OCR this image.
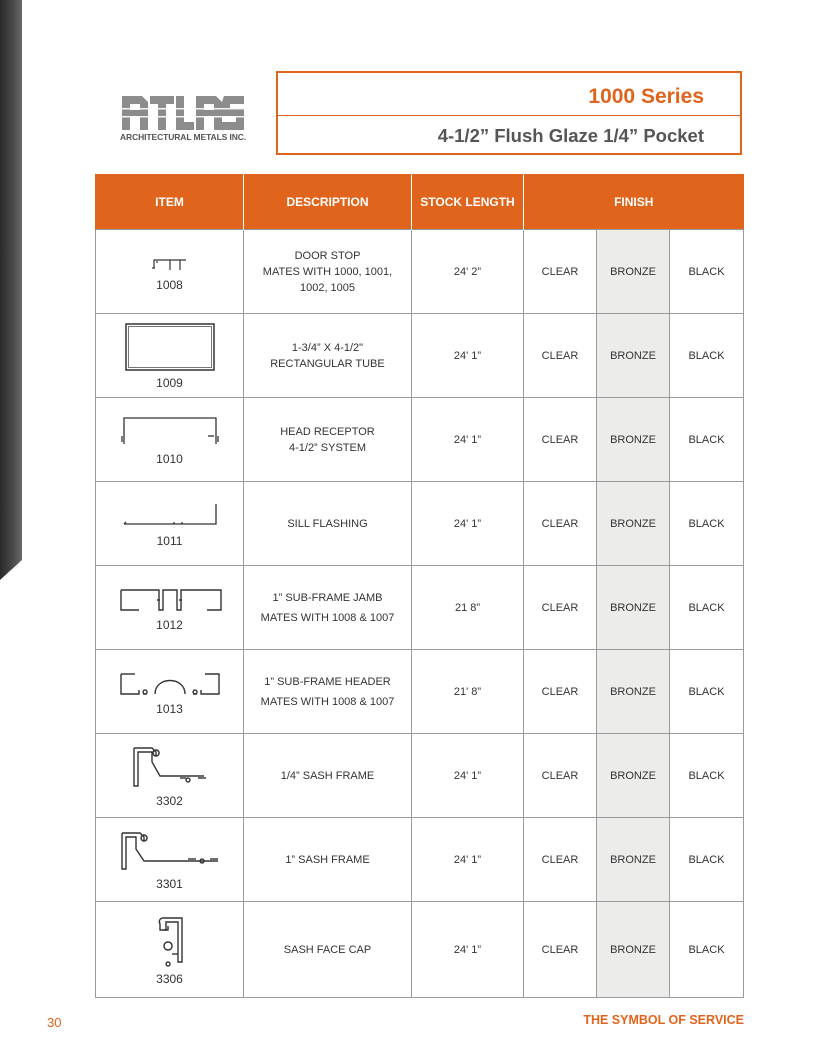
ARCHITECTURAL METALS INC.
1000 Series
4-1/2” Flush Glaze 1/4” Pocket
ITEM	DESCRIPTION	STOCK LENGTH	FINISH		

1008	DOOR STOP
MATES WITH 1000, 1001,
1002, 1005	24' 2”	CLEAR	BRONZE	BLACK

1009	1-3/4” X 4-1/2"
RECTANGULAR TUBE	24' 1”	CLEAR	BRONZE	BLACK

1010	HEAD RECEPTOR
4-1/2” SYSTEM	24' 1”	CLEAR	BRONZE	BLACK

1011	SILL FLASHING	24' 1”	CLEAR	BRONZE	BLACK

1012	1” SUB-FRAME JAMB
MATES WITH 1008 & 1007	21 8”	CLEAR	BRONZE	BLACK

1013	1” SUB-FRAME HEADER
MATES WITH 1008 & 1007	21' 8”	CLEAR	BRONZE	BLACK

3302	1/4” SASH FRAME	24' 1”	CLEAR	BRONZE	BLACK

3301	1” SASH FRAME	24' 1”	CLEAR	BRONZE	BLACK

3306	SASH FACE CAP	24' 1”	CLEAR	BRONZE	BLACK
30	THE SYMBOL OF SERVICE
